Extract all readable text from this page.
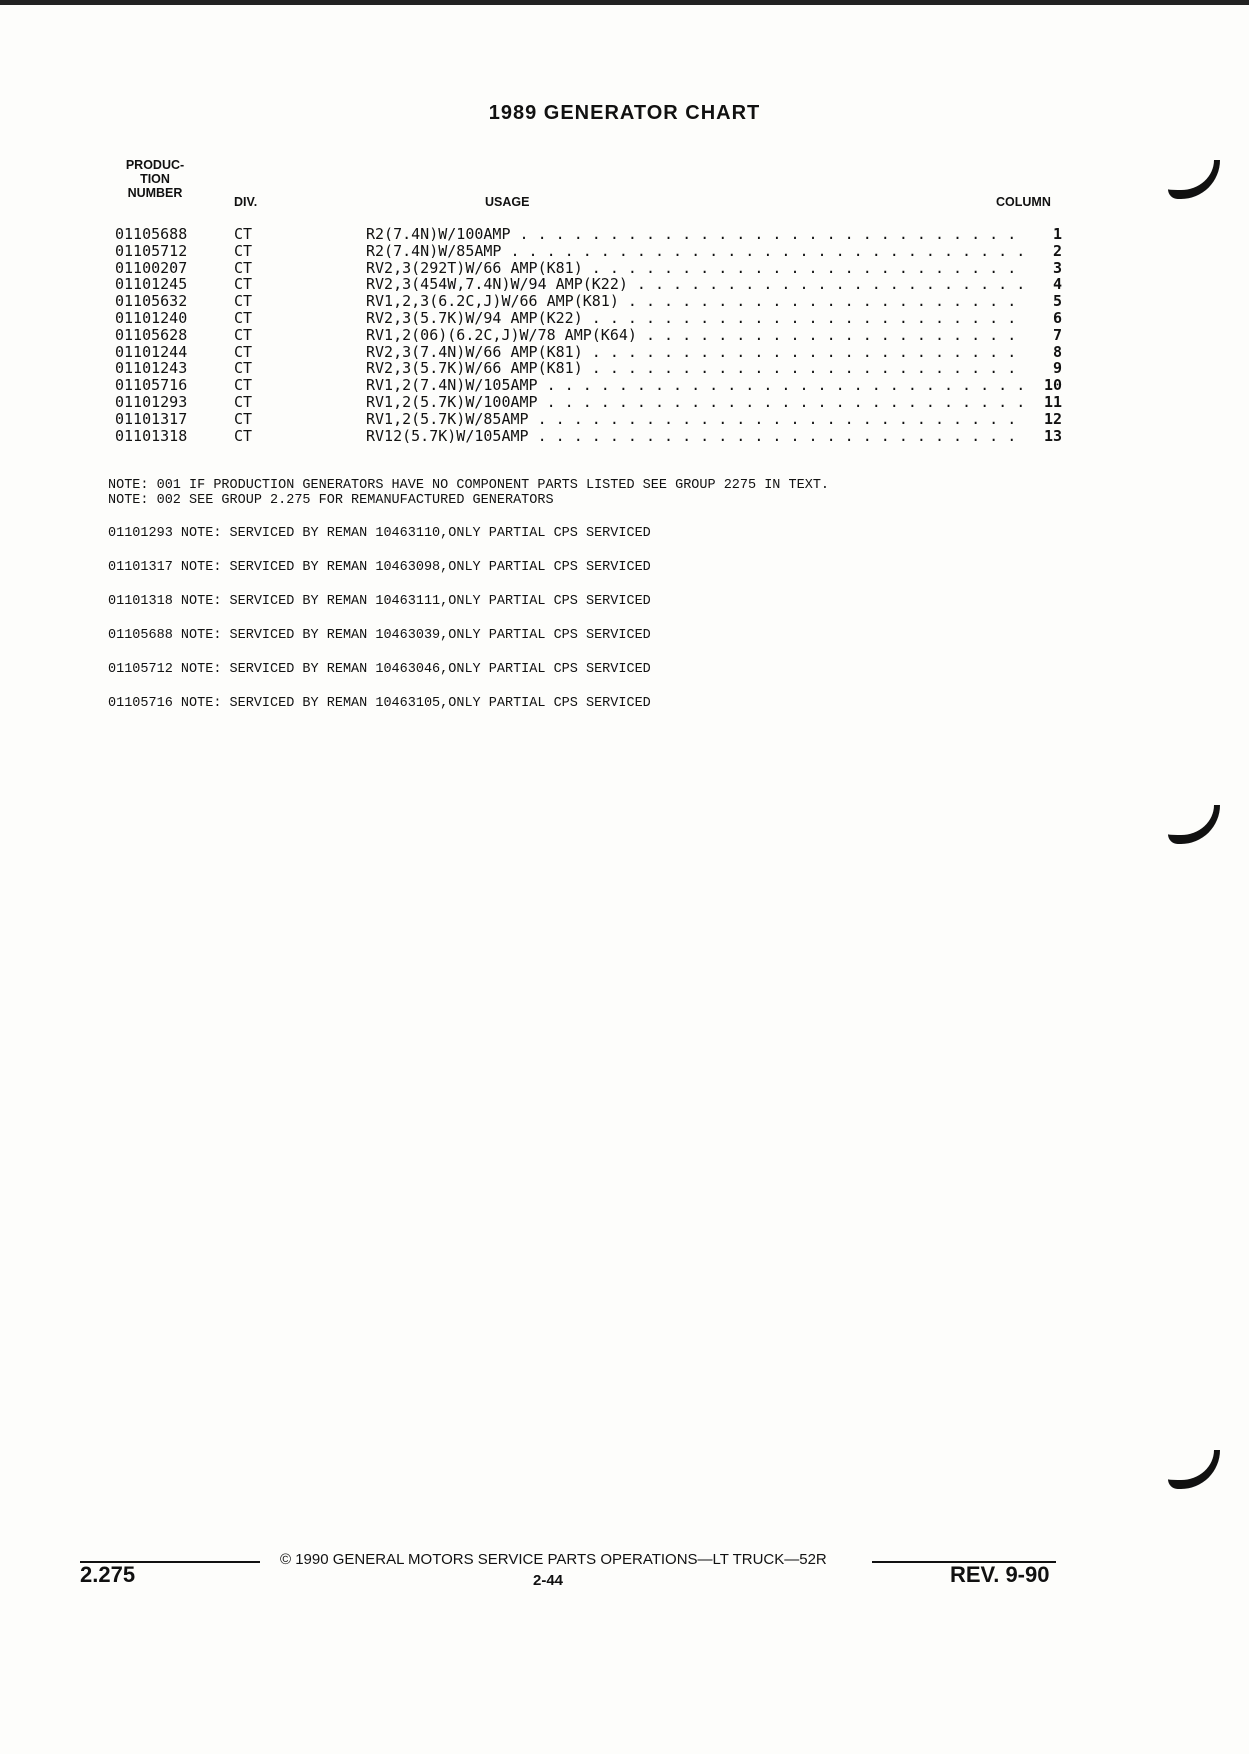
1989 GENERATOR CHART
PRODUC-
TION
NUMBER
DIV.	USAGE	COLUMN
01105688	CT	R2(7.4N)W/100AMP . . .	1
01105712	CT	R2(7.4N)W/85AMP . . .	2
01100207	CT	RV2,3(292T)W/66 AMP(K81) . . .	3
01101245	CT	RV2,3(454W,7.4N)W/94 AMP(K22) . . .	4
01105632	CT	RV1,2,3(6.2C,J)W/66 AMP(K81) . . .	5
01101240	CT	RV2,3(5.7K)W/94 AMP(K22) . . .	6
01105628	CT	RV1,2(06)(6.2C,J)W/78 AMP(K64) . . .	7
01101244	CT	RV2,3(7.4N)W/66 AMP(K81) . . .	8
01101243	CT	RV2,3(5.7K)W/66 AMP(K81) . . .	9
01105716	CT	RV1,2(7.4N)W/105AMP . . .	10
01101293	CT	RV1,2(5.7K)W/100AMP . . .	11
01101317	CT	RV1,2(5.7K)W/85AMP . . .	12
01101318	CT	RV12(5.7K)W/105AMP . . .	13
NOTE: 001 IF PRODUCTION GENERATORS HAVE NO COMPONENT PARTS LISTED SEE GROUP 2275 IN TEXT.
NOTE: 002 SEE GROUP 2.275 FOR REMANUFACTURED GENERATORS
01101293 NOTE: SERVICED BY REMAN 10463110,ONLY PARTIAL CPS SERVICED
01101317 NOTE: SERVICED BY REMAN 10463098,ONLY PARTIAL CPS SERVICED
01101318 NOTE: SERVICED BY REMAN 10463111,ONLY PARTIAL CPS SERVICED
01105688 NOTE: SERVICED BY REMAN 10463039,ONLY PARTIAL CPS SERVICED
01105712 NOTE: SERVICED BY REMAN 10463046,ONLY PARTIAL CPS SERVICED
01105716 NOTE: SERVICED BY REMAN 10463105,ONLY PARTIAL CPS SERVICED
© 1990 GENERAL MOTORS SERVICE PARTS OPERATIONS—LT TRUCK—52R
2.275	2-44	REV. 9-90
